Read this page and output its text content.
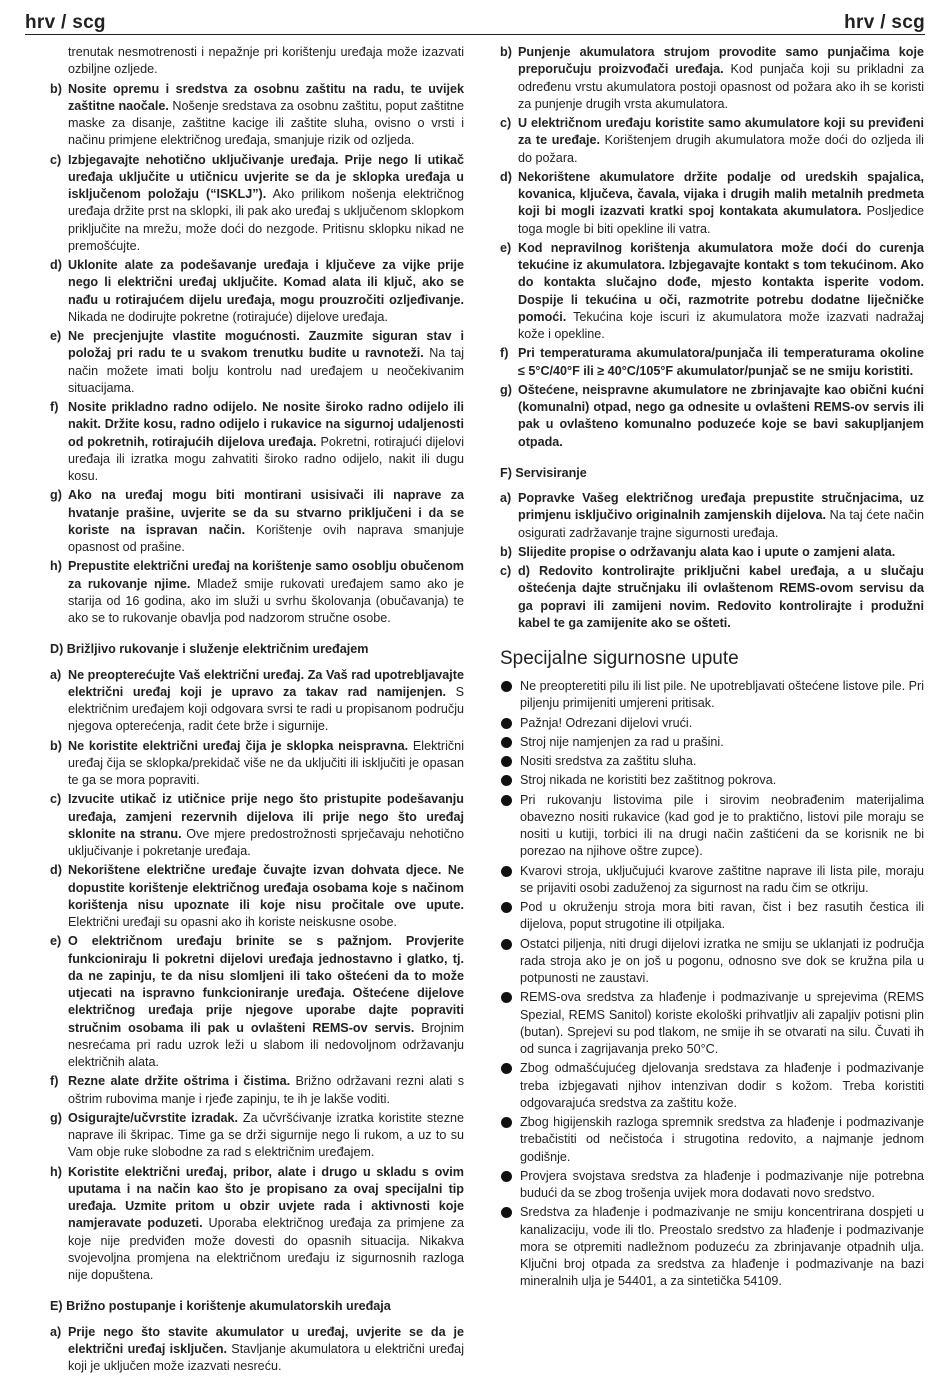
hrv / scg	hrv / scg
trenutak nesmotrenosti i nepažnje pri korištenju uređaja može izazvati ozbiljne ozljede.
b) Nosite opremu i sredstva za osobnu zaštitu na radu, te uvijek zaštitne naočale. Nošenje sredstava za osobnu zaštitu, poput zaštitne maske za disanje, zaštitne kacige ili zaštite sluha, ovisno o vrsti i načinu primjene električnog uređaja, smanjuje rizik od ozljeda.
c) Izbjegavajte nehotično uključivanje uređaja. Prije nego li utikač uređaja uključite u utičnicu uvjerite se da je sklopka uređaja u isključenom položaju (“ISKLJ”). Ako prilikom nošenja električnog uređaja držite prst na sklopki, ili pak ako uređaj s uključenom sklopkom priključite na mrežu, može doći do nezgode. Pritisnu sklopku nikad ne premošćujte.
d) Uklonite alate za podešavanje uređaja i ključeve za vijke prije nego li električni uređaj uključite. Komad alata ili ključ, ako se nađu u rotirajućem dijelu uređaja, mogu prouzročiti ozljeđivanje. Nikada ne dodirujte pokretne (rotirajuće) dijelove uređaja.
e) Ne precjenjujte vlastite mogućnosti. Zauzmite siguran stav i položaj pri radu te u svakom trenutku budite u ravnoteži. Na taj način možete imati bolju kontrolu nad uređajem u neočekivanim situacijama.
f) Nosite prikladno radno odijelo. Ne nosite široko radno odijelo ili nakit. Držite kosu, radno odijelo i rukavice na sigurnoj udaljenosti od pokretnih, rotirajućih dijelova uređaja. Pokretni, rotirajući dijelovi uređaja ili izratka mogu zahvatiti široko radno odijelo, nakit ili dugu kosu.
g) Ako na uređaj mogu biti montirani usisivači ili naprave za hvatanje prašine, uvjerite se da su stvarno priključeni i da se koriste na ispravan način. Korištenje ovih naprava smanjuje opasnost od prašine.
h) Prepustite električni uređaj na korištenje samo osoblju obučenom za rukovanje njime. Mladež smije rukovati uređajem samo ako je starija od 16 godina, ako im služi u svrhu školovanja (obučavanja) te ako se to rukovanje obavlja pod nadzorom stručne osobe.
D) Brižljivo rukovanje i služenje električnim uređajem
a) Ne preopterećujte Vaš električni uređaj. Za Vaš rad upotrebljavajte električni uređaj koji je upravo za takav rad namijenjen. S električnim uređajem koji odgovara svrsi te radi u propisanom području njegova opterećenja, radit ćete brže i sigurnije.
b) Ne koristite električni uređaj čija je sklopka neispravna. Električni uređaj čija se sklopka/prekidač više ne da uključiti ili isključiti je opasan te ga se mora popraviti.
c) Izvucite utikač iz utičnice prije nego što pristupite podešavanju uređaja, zamjeni rezervnih dijelova ili prije nego što uređaj sklonite na stranu. Ove mjere predostrožnosti sprječavaju nehotično uključivanje i pokretanje uređaja.
d) Nekorištene električne uređaje čuvajte izvan dohvata djece. Ne dopustite korištenje električnog uređaja osobama koje s načinom korištenja nisu upoznate ili koje nisu pročitale ove upute. Električni uređaji su opasni ako ih koriste neiskusne osobe.
e) O električnom uređaju brinite se s pažnjom. Provjerite funkcioniraju li pokretni dijelovi uređaja jednostavno i glatko, tj. da ne zapinju, te da nisu slomljeni ili tako oštećeni da to može utjecati na ispravno funkcioniranje uređaja. Oštećene dijelove električnog uređaja prije njegove uporabe dajte popraviti stručnim osobama ili pak u ovlašteni REMS-ov servis. Brojnim nesrećama pri radu uzrok leži u slabom ili nedovoljnom održavanju električnih alata.
f) Rezne alate držite oštrima i čistima. Brižno održavani rezni alati s oštrim rubovima manje i rjeđe zapinju, te ih je lakše voditi.
g) Osigurajte/učvrstite izradak. Za učvršćivanje izratka koristite stezne naprave ili škripac. Time ga se drži sigurnije nego li rukom, a uz to su Vam obje ruke slobodne za rad s električnim uređajem.
h) Koristite električni uređaj, pribor, alate i drugo u skladu s ovim uputama i na način kao što je propisano za ovaj specijalni tip uređaja. Uzmite pritom u obzir uvjete rada i aktivnosti koje namjeravate poduzeti. Uporaba električnog uređaja za primjene za koje nije predviđen može dovesti do opasnih situacija. Nikakva svojevoljna promjena na električnom uređaju iz sigurnosnih razloga nije dopuštena.
E) Brižno postupanje i korištenje akumulatorskih uređaja
a) Prije nego što stavite akumulator u uređaj, uvjerite se da je električni uređaj isključen. Stavljanje akumulatora u električni uređaj koji je uključen može izazvati nesreću.
b) Punjenje akumulatora strujom provodite samo punjačima koje preporučuju proizvođači uređaja. Kod punjača koji su prikladni za određenu vrstu akumulatora postoji opasnost od požara ako ih se koristi za punjenje drugih vrsta akumulatora.
c) U električnom uređaju koristite samo akumulatore koji su previđeni za te uređaje. Korištenjem drugih akumulatora može doći do ozljeda ili do požara.
d) Nekorištene akumulatore držite podalje od uredskih spajalica, kovanica, ključeva, čavala, vijaka i drugih malih metalnih predmeta koji bi mogli izazvati kratki spoj kontakata akumulatora. Posljedice toga mogle bi biti opekline ili vatra.
e) Kod nepravilnog korištenja akumulatora može doći do curenja tekućine iz akumulatora. Izbjegavajte kontakt s tom tekućinom. Ako do kontakta slučajno dođe, mjesto kontakta isperite vodom. Dospije li tekućina u oči, razmotrite potrebu dodatne liječničke pomoći. Tekućina koje iscuri iz akumulatora može izazvati nadražaj kože i opekline.
f) Pri temperaturama akumulatora/punjača ili temperaturama okoline ≤ 5°C/40°F ili ≥ 40°C/105°F akumulator/punjač se ne smiju koristiti.
g) Oštećene, neispravne akumulatore ne zbrinjavajte kao obični kućni (komunalni) otpad, nego ga odnesite u ovlašteni REMS-ov servis ili pak u ovlašteno komunalno poduzeće koje se bavi sakupljanjem otpada.
F) Servisiranje
a) Popravke Vašeg električnog uređaja prepustite stručnjacima, uz primjenu isključivo originalnih zamjenskih dijelova. Na taj ćete način osigurati zadržavanje trajne sigurnosti uređaja.
b) Slijedite propise o održavanju alata kao i upute o zamjeni alata.
c) d) Redovito kontrolirajte priključni kabel uređaja, a u slučaju oštećenja dajte stručnjaku ili ovlaštenom REMS-ovom servisu da ga popravi ili zamijeni novim. Redovito kontrolirajte i produžni kabel te ga zamijenite ako se ošteti.
Specijalne sigurnosne upute
Ne preopteretiti pilu ili list pile. Ne upotrebljavati oštećene listove pile. Pri piljenju primijeniti umjereni pritisak.
Pažnja! Odrezani dijelovi vrući.
Stroj nije namjenjen za rad u prašini.
Nositi sredstva za zaštitu sluha.
Stroj nikada ne koristiti bez zaštitnog pokrova.
Pri rukovanju listovima pile i sirovim neobrađenim materijalima obavezno nositi rukavice (kad god je to praktično, listovi pile moraju se nositi u kutiji, torbici ili na drugi način zaštićeni da se korisnik ne bi porezao na njihove oštre zupce).
Kvarovi stroja, uključujući kvarove zaštitne naprave ili lista pile, moraju se prijaviti osobi zaduženoj za sigurnost na radu čim se otkriju.
Pod u okruženju stroja mora biti ravan, čist i bez rasutih čestica ili dijelova, poput strugotine ili otpiljaka.
Ostatci piljenja, niti drugi dijelovi izratka ne smiju se uklanjati iz područja rada stroja ako je on još u pogonu, odnosno sve dok se kružna pila u potpunosti ne zaustavi.
REMS-ova sredstva za hlađenje i podmazivanje u sprejevima (REMS Spezial, REMS Sanitol) koriste ekološki prihvatljiv ali zapaljiv potisni plin (butan). Sprejevi su pod tlakom, ne smije ih se otvarati na silu. Čuvati ih od sunca i zagrijavanja preko 50°C.
Zbog odmašćujućeg djelovanja sredstava za hlađenje i podmazivanje treba izbjegavati njihov intenzivan dodir s kožom. Treba koristiti odgovarajuća sredstva za zaštitu kože.
Zbog higijenskih razloga spremnik sredstva za hlađenje i podmazivanje trebačistiti od nečistoća i strugotina redovito, a najmanje jednom godišnje.
Provjera svojstava sredstva za hlađenje i podmazivanje nije potrebna budući da se zbog trošenja uvijek mora dodavati novo sredstvo.
Sredstva za hlađenje i podmazivanje ne smiju koncentrirana dospjeti u kanalizaciju, vode ili tlo. Preostalo sredstvo za hlađenje i podmazivanje mora se otpremiti nadležnom poduzeću za zbrinjavanje otpadnih ulja. Ključni broj otpada za sredstva za hlađenje i podmazivanje na bazi mineralnih ulja je 54401, a za sintetička 54109.
